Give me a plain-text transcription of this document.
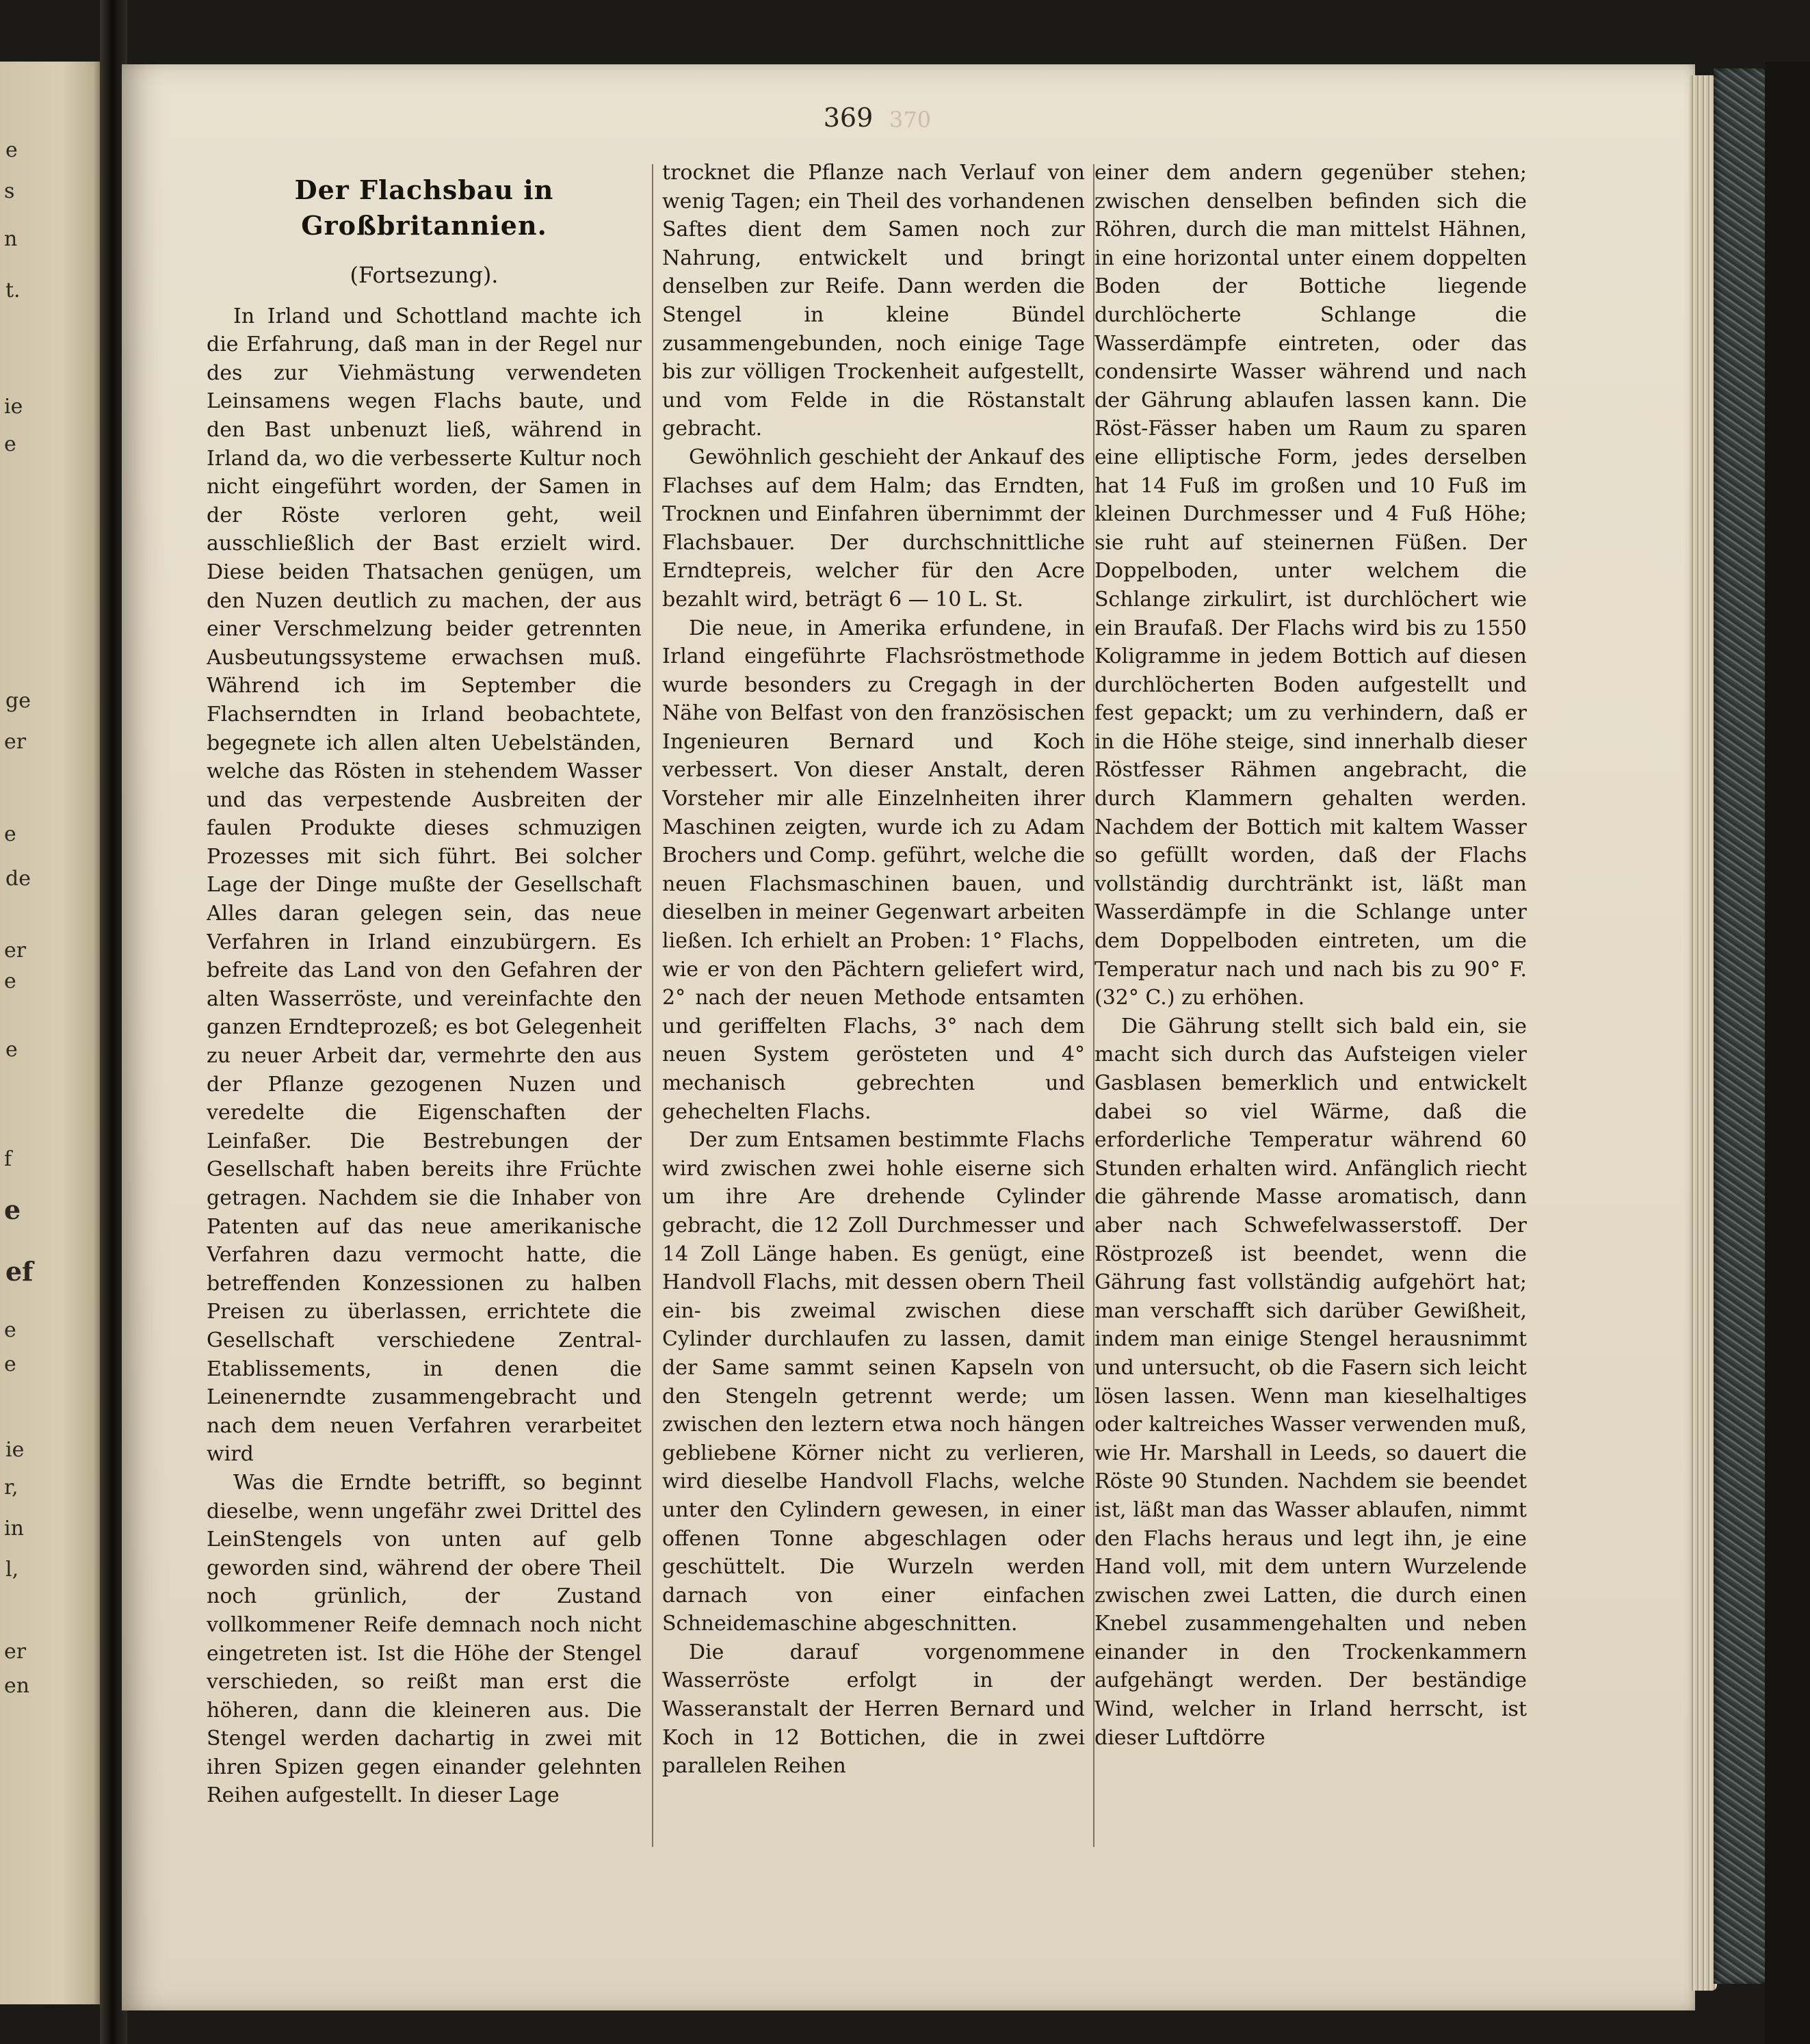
e
s
n
t.
ie
e
ge
er
e
de
er
e
e
f
e
ef
e
e
ie
r,
in
l,
er
en
370
369
Der Flachsbau in Großbritannien.
(Fortsezung).

In Irland und Schottland machte ich die Erfahrung, daß man in der Regel nur des zur Viehmästung verwendeten Leinsamens wegen Flachs baute, und den Bast unbenuzt ließ, während in Irland da, wo die verbesserte Kultur noch nicht eingeführt worden, der Samen in der Röste verloren geht, weil ausschließlich der Bast erzielt wird. Diese beiden Thatsachen genügen, um den Nuzen deutlich zu machen, der aus einer Verschmelzung beider getrennten Ausbeutungssysteme erwachsen muß. Während ich im September die Flachserndten in Irland beobachtete, begegnete ich allen alten Uebelständen, welche das Rösten in stehendem Wasser und das verpestende Ausbreiten der faulen Produkte dieses schmuzigen Prozesses mit sich führt. Bei solcher Lage der Dinge mußte der Gesellschaft Alles daran gelegen sein, das neue Verfahren in Irland einzubürgern. Es befreite das Land von den Gefahren der alten Wasserröste, und vereinfachte den ganzen Erndteprozeß; es bot Gelegenheit zu neuer Arbeit dar, vermehrte den aus der Pflanze gezogenen Nuzen und veredelte die Eigenschaften der Leinfaßer. Die Bestrebungen der Gesellschaft haben bereits ihre Früchte getragen. Nachdem sie die Inhaber von Patenten auf das neue amerikanische Verfahren dazu vermocht hatte, die betreffenden Konzessionen zu halben Preisen zu überlassen, errichtete die Gesellschaft verschiedene Zentral-Etablissements, in denen die Leinenerndte zusammengebracht und nach dem neuen Verfahren verarbeitet wird

Was die Erndte betrifft, so beginnt dieselbe, wenn ungefähr zwei Drittel des LeinStengels von unten auf gelb geworden sind, während der obere Theil noch grünlich, der Zustand vollkommener Reife demnach noch nicht eingetreten ist. Ist die Höhe der Stengel verschieden, so reißt man erst die höheren, dann die kleineren aus. Die Stengel werden dachartig in zwei mit ihren Spizen gegen einander gelehnten Reihen aufgestellt. In dieser Lage

trocknet die Pflanze nach Verlauf von wenig Tagen; ein Theil des vorhandenen Saftes dient dem Samen noch zur Nahrung, entwickelt und bringt denselben zur Reife. Dann werden die Stengel in kleine Bündel zusammengebunden, noch einige Tage bis zur völligen Trockenheit aufgestellt, und vom Felde in die Röstanstalt gebracht.

Gewöhnlich geschieht der Ankauf des Flachses auf dem Halm; das Erndten, Trocknen und Einfahren übernimmt der Flachsbauer. Der durchschnittliche Erndtepreis, welcher für den Acre bezahlt wird, beträgt 6 — 10 L. St.

Die neue, in Amerika erfundene, in Irland eingeführte Flachsröstmethode wurde besonders zu Cregagh in der Nähe von Belfast von den französischen Ingenieuren Bernard und Koch verbessert. Von dieser Anstalt, deren Vorsteher mir alle Einzelnheiten ihrer Maschinen zeigten, wurde ich zu Adam Brochers und Comp. geführt, welche die neuen Flachsmaschinen bauen, und dieselben in meiner Gegenwart arbeiten ließen. Ich erhielt an Proben: 1° Flachs, wie er von den Pächtern geliefert wird, 2° nach der neuen Methode entsamten und geriffelten Flachs, 3° nach dem neuen System gerösteten und 4° mechanisch gebrechten und gehechelten Flachs.

Der zum Entsamen bestimmte Flachs wird zwischen zwei hohle eiserne sich um ihre Are drehende Cylinder gebracht, die 12 Zoll Durchmesser und 14 Zoll Länge haben. Es genügt, eine Handvoll Flachs, mit dessen obern Theil ein- bis zweimal zwischen diese Cylinder durchlaufen zu lassen, damit der Same sammt seinen Kapseln von den Stengeln getrennt werde; um zwischen den leztern etwa noch hängen gebliebene Körner nicht zu verlieren, wird dieselbe Handvoll Flachs, welche unter den Cylindern gewesen, in einer offenen Tonne abgeschlagen oder geschüttelt. Die Wurzeln werden darnach von einer einfachen Schneidemaschine abgeschnitten.

Die darauf vorgenommene Wasserröste erfolgt in der Wasseranstalt der Herren Bernard und Koch in 12 Bottichen, die in zwei parallelen Reihen

einer dem andern gegenüber stehen; zwischen denselben befinden sich die Röhren, durch die man mittelst Hähnen, in eine horizontal unter einem doppelten Boden der Bottiche liegende durchlöcherte Schlange die Wasserdämpfe eintreten, oder das condensirte Wasser während und nach der Gährung ablaufen lassen kann. Die Röst-Fässer haben um Raum zu sparen eine elliptische Form, jedes derselben hat 14 Fuß im großen und 10 Fuß im kleinen Durchmesser und 4 Fuß Höhe; sie ruht auf steinernen Füßen. Der Doppelboden, unter welchem die Schlange zirkulirt, ist durchlöchert wie ein Braufaß. Der Flachs wird bis zu 1550 Koligramme in jedem Bottich auf diesen durchlöcherten Boden aufgestellt und fest gepackt; um zu verhindern, daß er in die Höhe steige, sind innerhalb dieser Röstfesser Rähmen angebracht, die durch Klammern gehalten werden. Nachdem der Bottich mit kaltem Wasser so gefüllt worden, daß der Flachs vollständig durchtränkt ist, läßt man Wasserdämpfe in die Schlange unter dem Doppelboden eintreten, um die Temperatur nach und nach bis zu 90° F. (32° C.) zu erhöhen.

Die Gährung stellt sich bald ein, sie macht sich durch das Aufsteigen vieler Gasblasen bemerklich und entwickelt dabei so viel Wärme, daß die erforderliche Temperatur während 60 Stunden erhalten wird. Anfänglich riecht die gährende Masse aromatisch, dann aber nach Schwefelwasserstoff. Der Röstprozeß ist beendet, wenn die Gährung fast vollständig aufgehört hat; man verschafft sich darüber Gewißheit, indem man einige Stengel herausnimmt und untersucht, ob die Fasern sich leicht lösen lassen. Wenn man kieselhaltiges oder kaltreiches Wasser verwenden muß, wie Hr. Marshall in Leeds, so dauert die Röste 90 Stunden. Nachdem sie beendet ist, läßt man das Wasser ablaufen, nimmt den Flachs heraus und legt ihn, je eine Hand voll, mit dem untern Wurzelende zwischen zwei Latten, die durch einen Knebel zusammengehalten und neben einander in den Trockenkammern aufgehängt werden. Der beständige Wind, welcher in Irland herrscht, ist dieser Luftdörre
